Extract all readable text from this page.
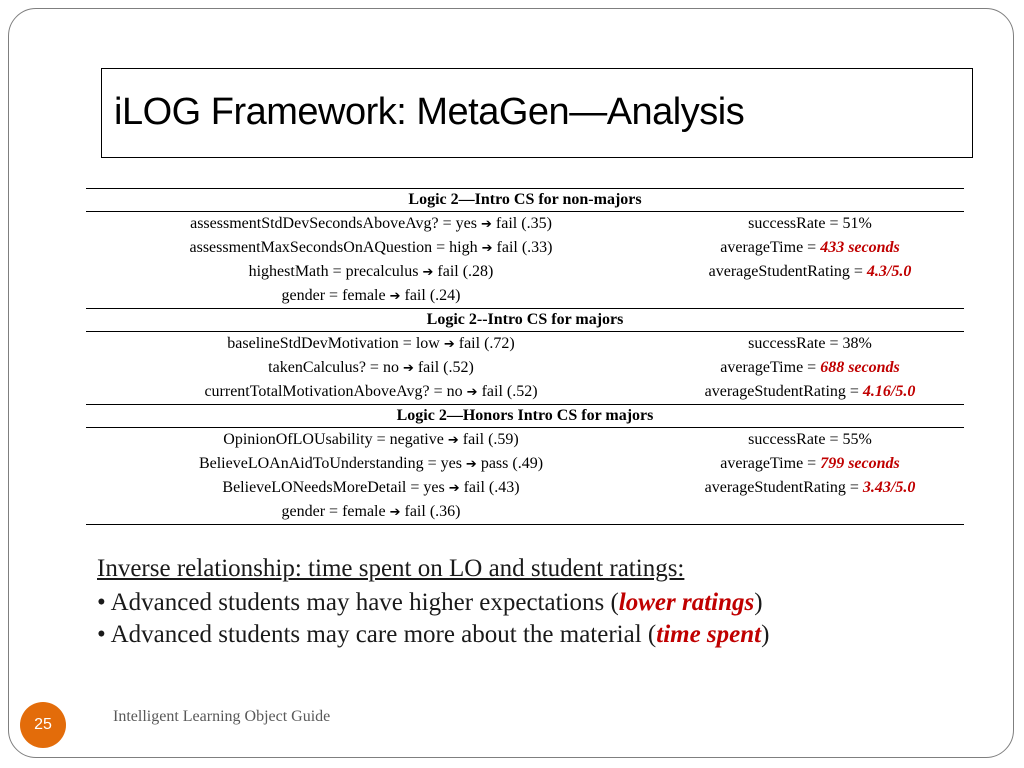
iLOG Framework: MetaGen—Analysis
Logic 2—Intro CS for non-majors
assessmentStdDevSecondsAboveAvg? = yes ➔ fail (.35)	successRate = 51%
assessmentMaxSecondsOnAQuestion = high ➔ fail (.33)	averageTime = 433 seconds
highestMath = precalculus ➔ fail (.28)	averageStudentRating = 4.3/5.0
gender = female ➔ fail (.24)
Logic 2--Intro CS for majors
baselineStdDevMotivation = low ➔ fail (.72)	successRate = 38%
takenCalculus? = no ➔ fail (.52)	averageTime = 688 seconds
currentTotalMotivationAboveAvg? = no ➔ fail (.52)	averageStudentRating = 4.16/5.0
Logic 2—Honors Intro CS for majors
OpinionOfLOUsability = negative ➔ fail (.59)	successRate = 55%
BelieveLOAnAidToUnderstanding = yes ➔ pass (.49)	averageTime = 799 seconds
BelieveLONeedsMoreDetail = yes ➔ fail (.43)	averageStudentRating = 3.43/5.0
gender = female ➔ fail (.36)
Inverse relationship: time spent on LO and student ratings:
• Advanced students may have higher expectations (lower ratings)
• Advanced students may care more about the material (time spent)
25	Intelligent Learning Object Guide
